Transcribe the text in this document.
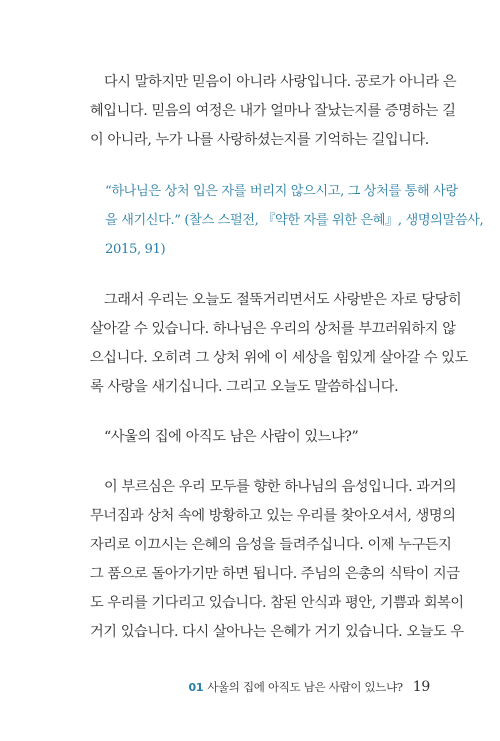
다시 말하지만 믿음이 아니라 사랑입니다. 공로가 아니라 은
혜입니다. 믿음의 여정은 내가 얼마나 잘났는지를 증명하는 길
이 아니라, 누가 나를 사랑하셨는지를 기억하는 길입니다.
“하나님은 상처 입은 자를 버리지 않으시고, 그 상처를 통해 사랑
을 새기신다.” (찰스 스펄전, 『약한 자를 위한 은혜』, 생명의말씀사,
2015, 91)
그래서 우리는 오늘도 절뚝거리면서도 사랑받은 자로 당당히
살아갈 수 있습니다. 하나님은 우리의 상처를 부끄러워하지 않
으십니다. 오히려 그 상처 위에 이 세상을 힘있게 살아갈 수 있도
록 사랑을 새기십니다. 그리고 오늘도 말씀하십니다.
“사울의 집에 아직도 남은 사람이 있느냐?”
이 부르심은 우리 모두를 향한 하나님의 음성입니다. 과거의
무너짐과 상처 속에 방황하고 있는 우리를 찾아오셔서, 생명의
자리로 이끄시는 은혜의 음성을 들려주십니다. 이제 누구든지
그 품으로 돌아가기만 하면 됩니다. 주님의 은총의 식탁이 지금
도 우리를 기다리고 있습니다. 참된 안식과 평안, 기쁨과 회복이
거기 있습니다. 다시 살아나는 은혜가 거기 있습니다. 오늘도 우
01 사울의 집에 아직도 남은 사람이 있느냐? 19
